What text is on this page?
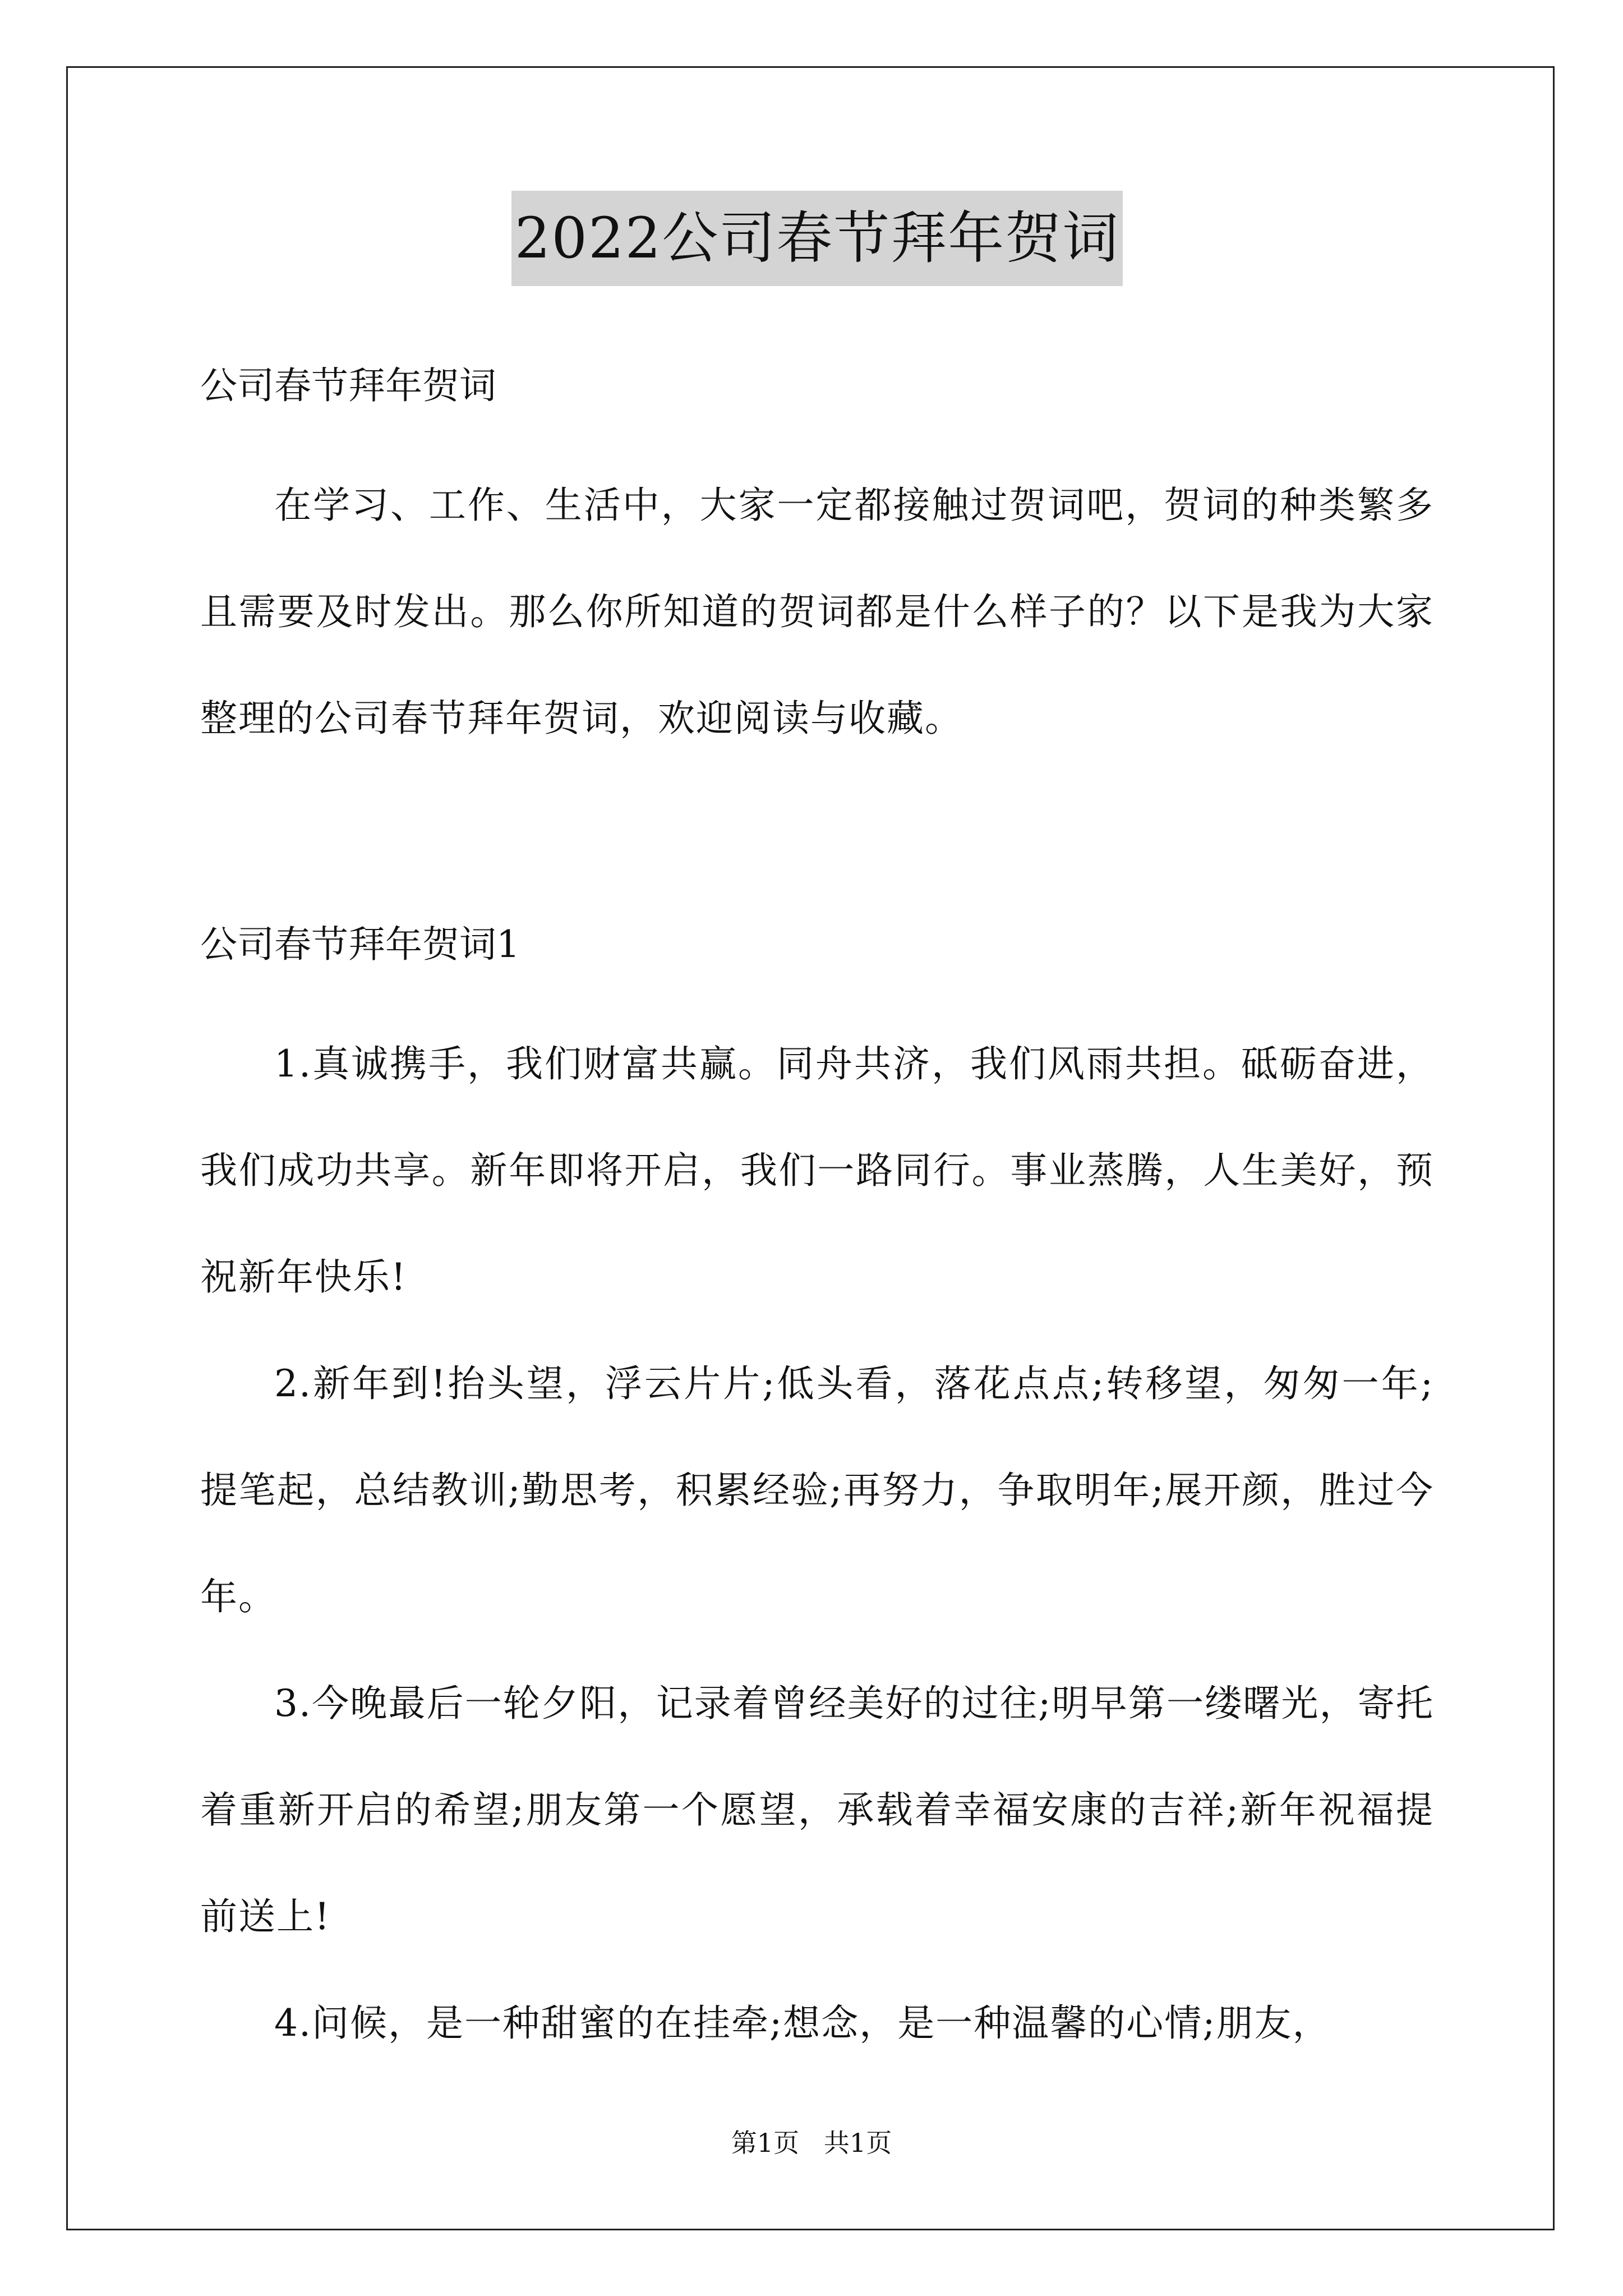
2022公司春节拜年贺词
公司春节拜年贺词

在学习、工作、生活中，大家一定都接触过贺词吧，贺词的种类繁多且需要及时发出。那么你所知道的贺词都是什么样子的？以下是我为大家整理的公司春节拜年贺词，欢迎阅读与收藏。

公司春节拜年贺词1

1.真诚携手，我们财富共赢。同舟共济，我们风雨共担。砥砺奋进，我们成功共享。新年即将开启，我们一路同行。事业蒸腾，人生美好，预祝新年快乐!

2.新年到!抬头望，浮云片片;低头看，落花点点;转移望，匆匆一年;提笔起，总结教训;勤思考，积累经验;再努力，争取明年;展开颜，胜过今年。

3.今晚最后一轮夕阳，记录着曾经美好的过往;明早第一缕曙光，寄托着重新开启的希望;朋友第一个愿望，承载着幸福安康的吉祥;新年祝福提前送上!

4.问候，是一种甜蜜的在挂牵;想念，是一种温馨的心情;朋友，

第1页   共1页
